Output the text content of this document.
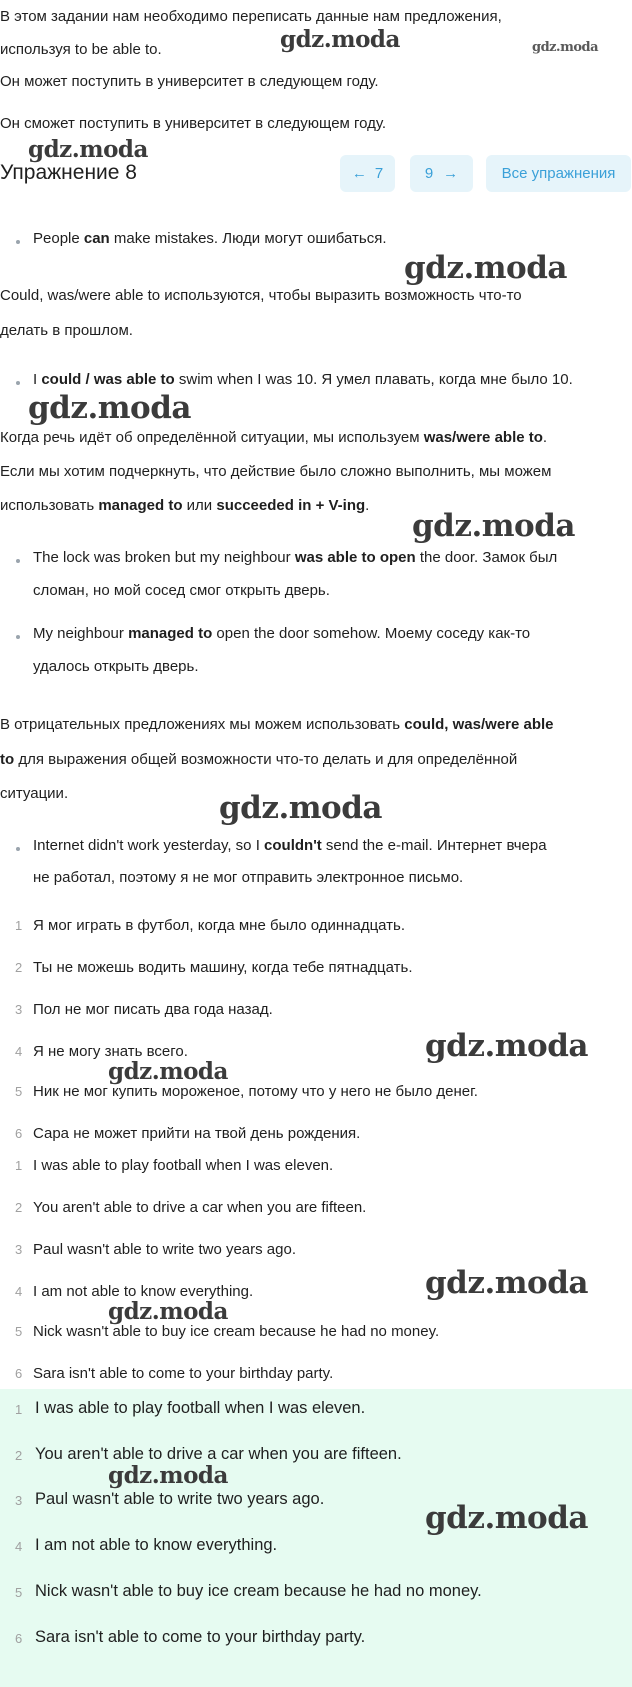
В этом задании нам необходимо переписать данные нам предложения,
используя to be able to.
Он может поступить в университет в следующем году.
Он сможет поступить в университет в следующем году.
Упражнение 8	← 7	9 →	Все упражнения
People can make mistakes. Люди могут ошибаться.
Could, was/were able to используются, чтобы выразить возможность что-то
делать в прошлом.
I could / was able to swim when I was 10. Я умел плавать, когда мне было 10.
Когда речь идёт об определённой ситуации, мы используем was/were able to.
Если мы хотим подчеркнуть, что действие было сложно выполнить, мы можем
использовать managed to или succeeded in + V-ing.
The lock was broken but my neighbour was able to open the door. Замок был
сломан, но мой сосед смог открыть дверь.
My neighbour managed to open the door somehow. Моему соседу как-то
удалось открыть дверь.
В отрицательных предложениях мы можем использовать could, was/were able
to для выражения общей возможности что-то делать и для определённой
ситуации.
Internet didn't work yesterday, so I couldn't send the e-mail. Интернет вчера
не работал, поэтому я не мог отправить электронное письмо.
1 Я мог играть в футбол, когда мне было одиннадцать.
2 Ты не можешь водить машину, когда тебе пятнадцать.
3 Пол не мог писать два года назад.
4 Я не могу знать всего.
5 Ник не мог купить мороженое, потому что у него не было денег.
6 Сара не может прийти на твой день рождения.
1 I was able to play football when I was eleven.
2 You aren't able to drive a car when you are fifteen.
3 Paul wasn't able to write two years ago.
4 I am not able to know everything.
5 Nick wasn't able to buy ice cream because he had no money.
6 Sara isn't able to come to your birthday party.
1 I was able to play football when I was eleven.
2 You aren't able to drive a car when you are fifteen.
3 Paul wasn't able to write two years ago.
4 I am not able to know everything.
5 Nick wasn't able to buy ice cream because he had no money.
6 Sara isn't able to come to your birthday party.
gdz.moda	gdz.moda
gdz.moda
gdz.moda
gdz.moda
gdz.moda
gdz.moda
gdz.moda
gdz.moda
gdz.moda
gdz.moda
gdz.moda
gdz.moda
